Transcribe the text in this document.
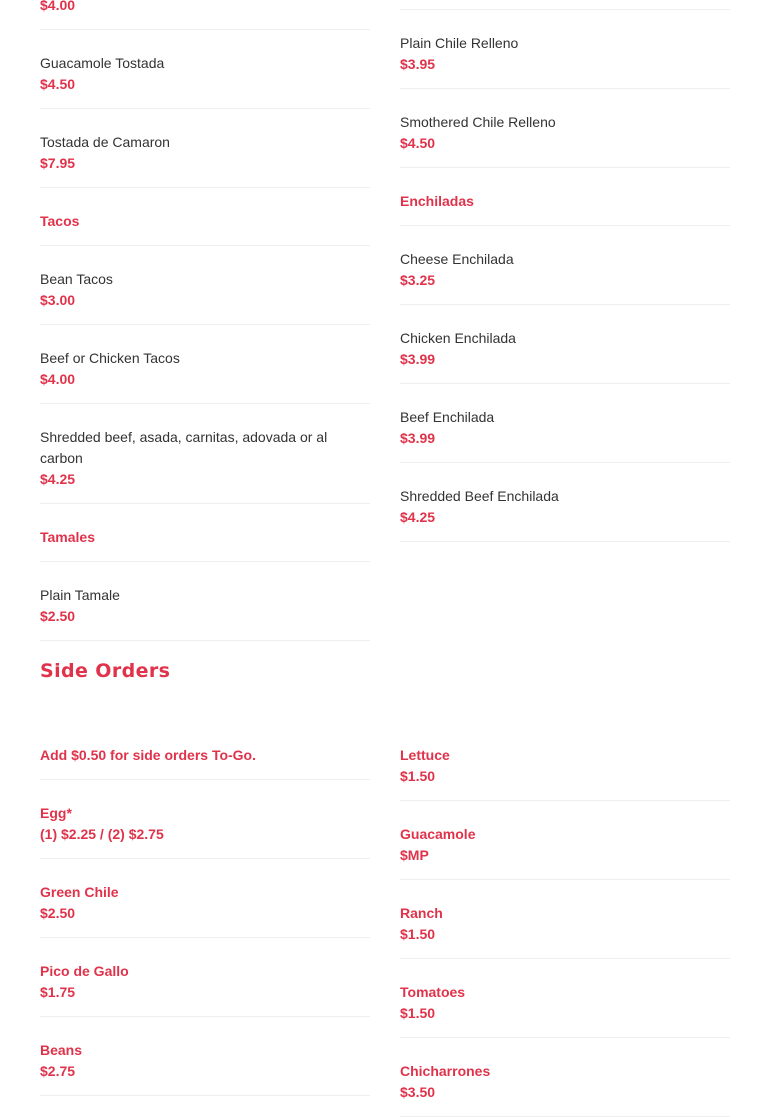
$4.00
Guacamole Tostada
$4.50
Tostada de Camaron
$7.95
Tacos
Bean Tacos
$3.00
Beef or Chicken Tacos
$4.00
Shredded beef, asada, carnitas, adovada or al carbon
$4.25
Tamales
Plain Tamale
$2.50
Plain Chile Relleno
$3.95
Smothered Chile Relleno
$4.50
Enchiladas
Cheese Enchilada
$3.25
Chicken Enchilada
$3.99
Beef Enchilada
$3.99
Shredded Beef Enchilada
$4.25
Side Orders
Add $0.50 for side orders To-Go.
Egg*
(1) $2.25 / (2) $2.75
Green Chile
$2.50
Pico de Gallo
$1.75
Beans
$2.75
Lettuce
$1.50
Guacamole
$MP
Ranch
$1.50
Tomatoes
$1.50
Chicharrones
$3.50
